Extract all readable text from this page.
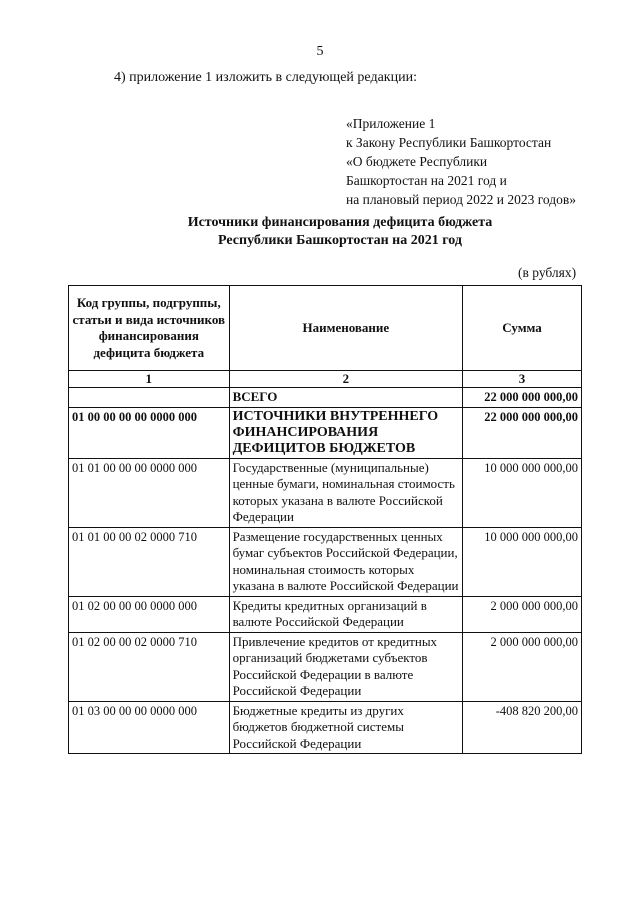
5
4) приложение 1 изложить в следующей редакции:
«Приложение 1
к Закону Республики Башкортостан
«О бюджете Республики
Башкортостан на 2021 год и
на плановый период 2022 и 2023 годов»
Источники финансирования дефицита бюджета
Республики Башкортостан на 2021 год
(в рублях)
Код группы, подгруппы, статьи и вида источников финансирования дефицита бюджета	Наименование	Сумма
1	2	3
	ВСЕГО	22 000 000 000,00
01 00 00 00 00 0000 000	ИСТОЧНИКИ ВНУТРЕННЕГО ФИНАНСИРОВАНИЯ ДЕФИЦИТОВ БЮДЖЕТОВ	22 000 000 000,00
01 01 00 00 00 0000 000	Государственные (муниципальные) ценные бумаги, номинальная стоимость которых указана в валюте Российской Федерации	10 000 000 000,00
01 01 00 00 02 0000 710	Размещение государственных ценных бумаг субъектов Российской Федерации, номинальная стоимость которых указана в валюте Российской Федерации	10 000 000 000,00
01 02 00 00 00 0000 000	Кредиты кредитных организаций в валюте Российской Федерации	2 000 000 000,00
01 02 00 00 02 0000 710	Привлечение кредитов от кредитных организаций бюджетами субъектов Российской Федерации в валюте Российской Федерации	2 000 000 000,00
01 03 00 00 00 0000 000	Бюджетные кредиты из других бюджетов бюджетной системы Российской Федерации	-408 820 200,00
